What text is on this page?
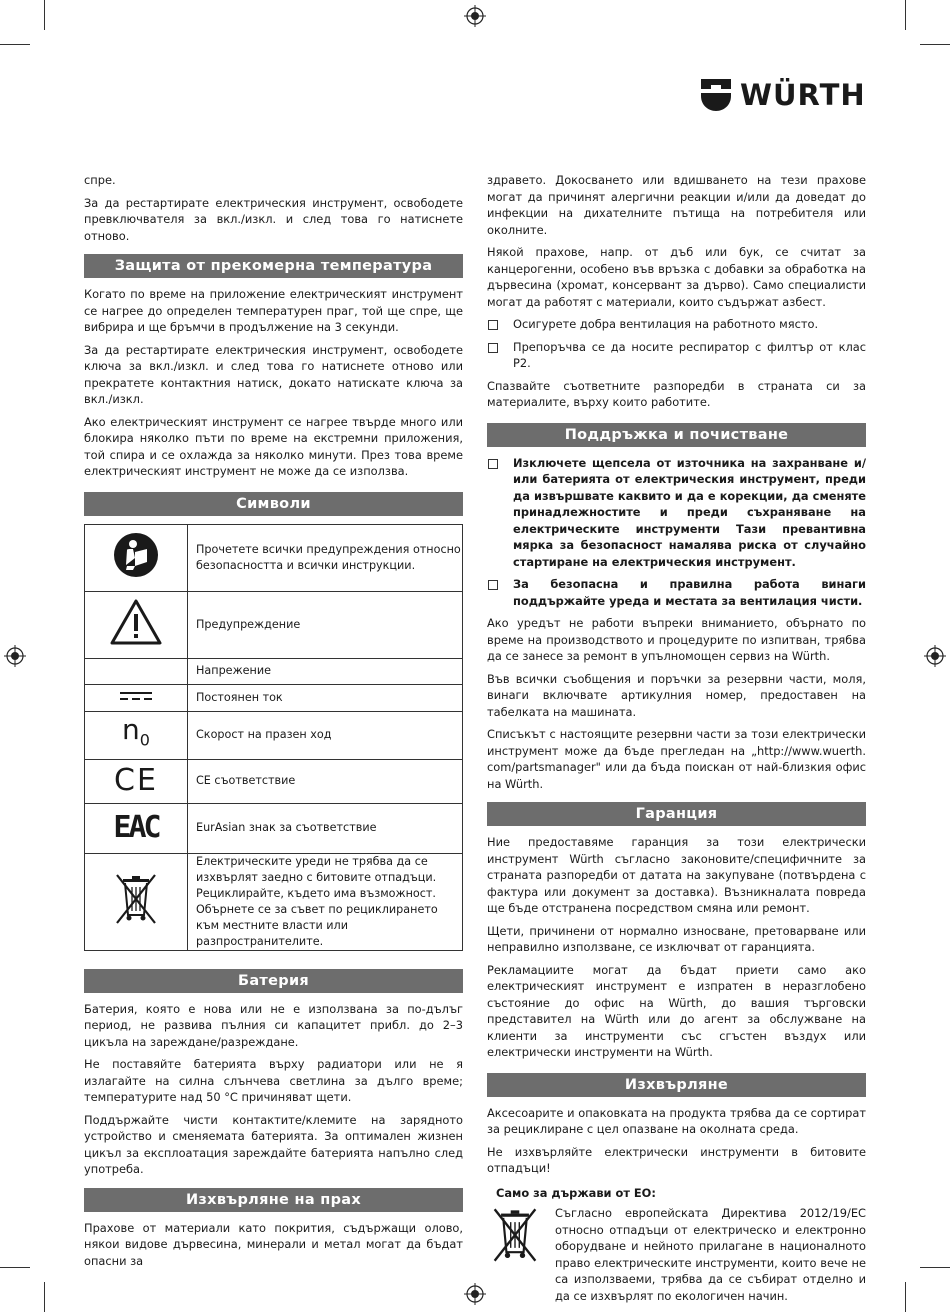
WÜRTH

спре.

За да рестартирате електрическия инструмент, освободете превключвателя за вкл./изкл. и след това го натиснете отново.

Защита от прекомерна температура

Когато по време на приложение електрическият инструмент се нагрее до определен температурен праг, той ще спре, ще вибрира и ще бръмчи в продължение на 3 секунди.

За да рестартирате електрическия инструмент, освободете ключа за вкл./изкл. и след това го натиснете отново или прекратете контактния натиск, докато натискате ключа за вкл./изкл.

Ако електрическият инструмент се нагрее твърде много или блокира няколко пъти по време на екстремни приложения, той спира и се охлажда за няколко минути. През това време електрическият инструмент не може да се използва.

Символи
	Прочетете всички предупреждения относно безопасността и всички инструкции.
	Предупреждение
	Напрежение
	Постоянен ток
$n_0$	Скорост на празен ход
CE	CE съответствие
EAC	EurAsian знак за съответствие
	Електрическите уреди не трябва да се изхвърлят заедно с битовите отпадъци. Рециклирайте, където има възможност. Обърнете се за съвет по рециклирането към местните власти или разпространителите.
Батерия

Батерия, която е нова или не е използвана за по-дълъг период, не развива пълния си капацитет прибл. до 2–3 цикъла на зареждане/разреждане.

Не поставяйте батерията върху радиатори или не я излагайте на силна слънчева светлина за дълго време; температурите над 50 °C причиняват щети.

Поддържайте чисти контактите/клемите на зарядното устройство и сменяемата батерията. За оптимален жизнен цикъл за експлоатация зареждайте батерията напълно след употреба.

Изхвърляне на прах

Прахове от материали като покрития, съдържащи олово, някои видове дървесина, минерали и метал могат да бъдат опасни за

здравето. Докосването или вдишването на тези прахове могат да причинят алергични реакции и/или да доведат до инфекции на дихателните пътища на потребителя или околните.

Някой прахове, напр. от дъб или бук, се считат за канцерогенни, особено във връзка с добавки за обработка на дървесина (хромат, консервант за дърво). Само специалисти могат да работят с материали, които съдържат азбест.

Осигурете добра вентилация на работното място.
Препоръчва се да носите респиратор с филтър от клас P2.

Спазвайте съответните разпоредби в страната си за материалите, върху които работите.

Поддръжка и почистване
Изключете щепсела от източника на захранване и/или батерията от електрическия инструмент, преди да извършвате каквито и да е корекции, да сменяте принадлежностите и преди съхраняване на електрическите инструменти Тази превантивна мярка за безопасност намалява риска от случайно стартиране на електрическия инструмент.
За безопасна и правилна работа винаги поддържайте уреда и местата за вентилация чисти.

Ако уредът не работи въпреки вниманието, обърнато по време на производството и процедурите по изпитван, трябва да се занесе за ремонт в упълномощен сервиз на Würth.

Във всички съобщения и поръчки за резервни части, моля, винаги включвате артикулния номер, предоставен на табелката на машината.

Списъкът с настоящите резервни части за този електрически инструмент може да бъде прегледан на „http://www.wuerth. com/partsmanager" или да бъда поискан от най-близкия офис на Würth.

Гаранция

Ние предоставяме гаранция за този електрически инструмент Würth съгласно законовите/специфичните за страната разпоредби от датата на закупуване (потвърдена с фактура или документ за доставка). Възникналата повреда ще бъде отстранена посредством смяна или ремонт.

Щети, причинени от нормално износване, претоварване или неправилно използване, се изключват от гаранцията.

Рекламациите могат да бъдат приети само ако електрическият инструмент е изпратен в неразглобено състояние до офис на Würth, до вашия търговски представител на Würth или до агент за обслужване на клиенти за инструменти със сгъстен въздух или електрически инструменти на Würth.

Изхвърляне

Аксесоарите и опаковката на продукта трябва да се сортират за рециклиране с цел опазване на околната среда.

Не изхвърляйте електрически инструменти в битовите отпадъци!

Само за държави от ЕО:
Съгласно европейската Директива 2012/19/EC относно отпадъци от електрическо и електронно оборудване и нейното прилагане в националното право електрическите инструменти, които вече не са използваеми, трябва да се събират отделно и да се изхвърлят по екологичен начин.
